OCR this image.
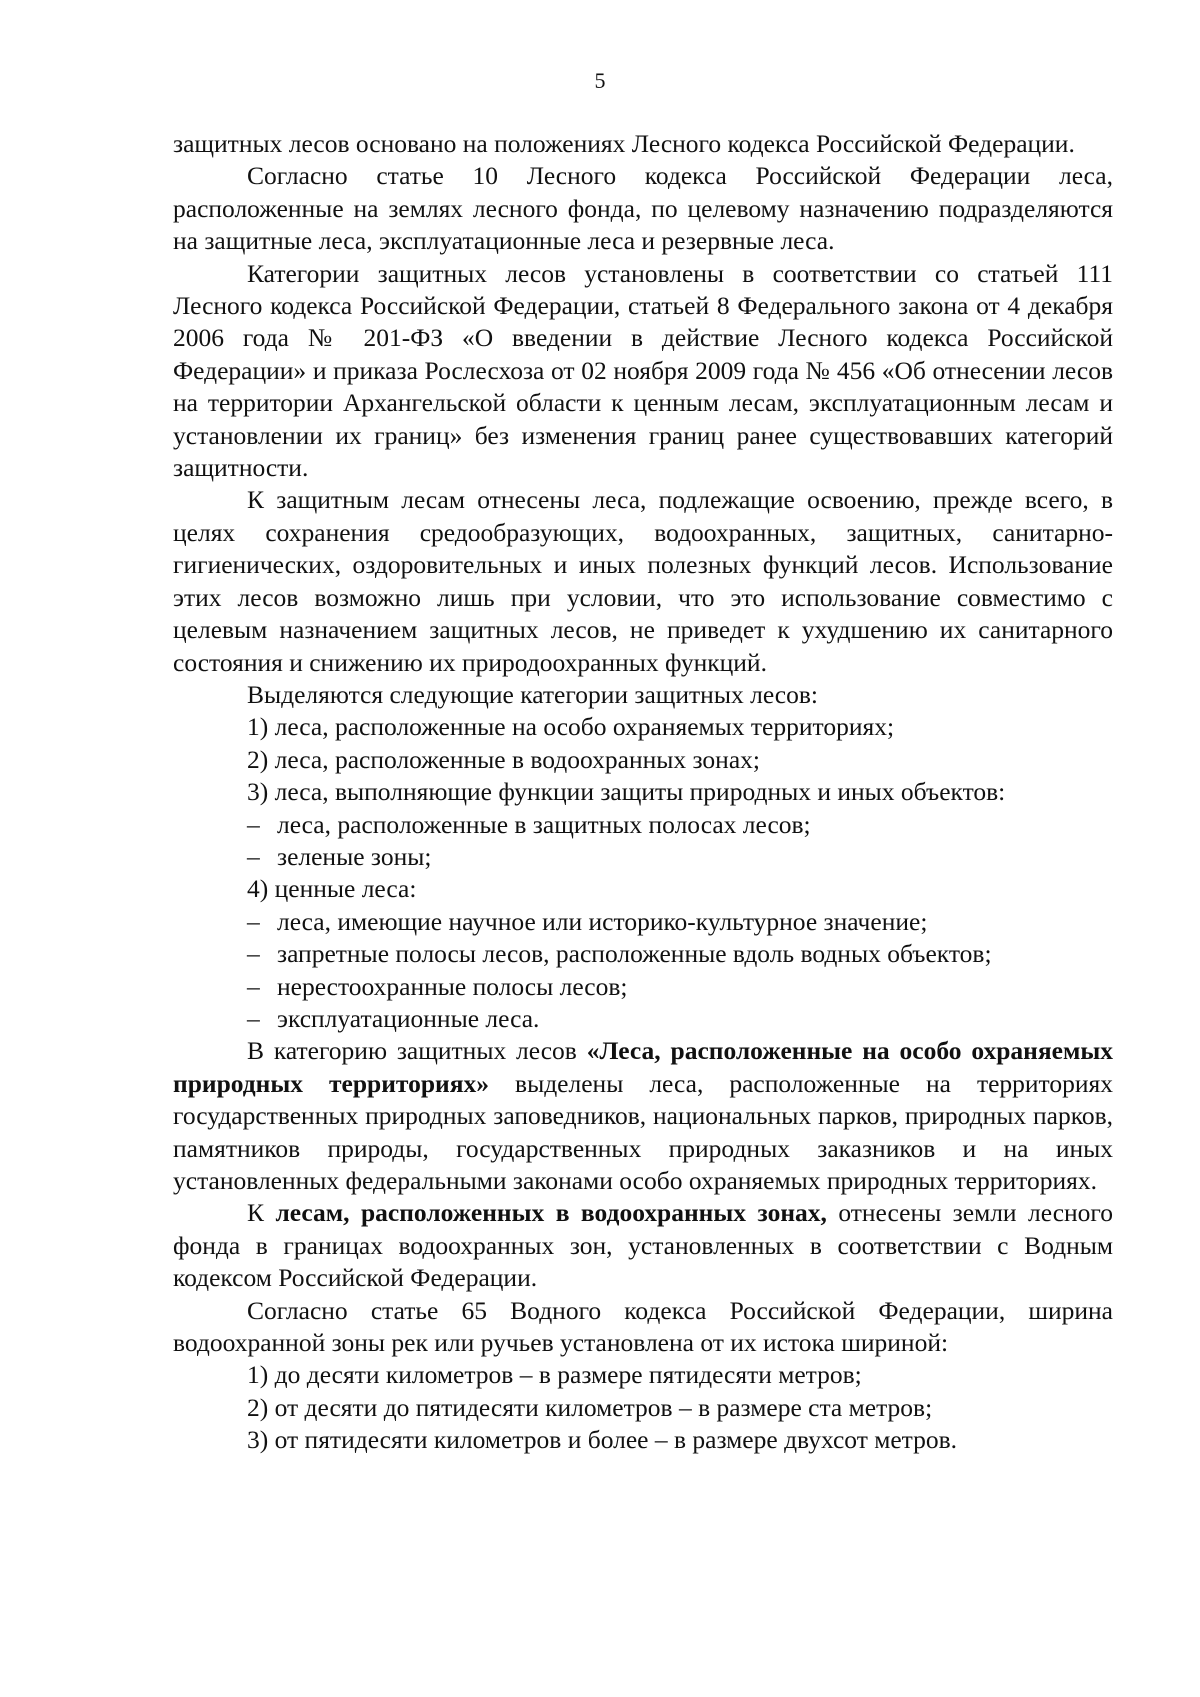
5

защитных лесов основано на положениях Лесного кодекса Российской Федерации.

Согласно статье 10 Лесного кодекса Российской Федерации леса, расположенные на землях лесного фонда, по целевому назначению подразделяются на защитные леса, эксплуатационные леса и резервные леса.

Категории защитных лесов установлены в соответствии со статьей 111 Лесного кодекса Российской Федерации, статьей 8 Федерального закона от 4 декабря 2006 года № 201-ФЗ «О введении в действие Лесного кодекса Российской Федерации» и приказа Рослесхоза от 02 ноября 2009 года № 456 «Об отнесении лесов на территории Архангельской области к ценным лесам, эксплуатационным лесам и установлении их границ» без изменения границ ранее существовавших категорий защитности.

К защитным лесам отнесены леса, подлежащие освоению, прежде всего, в целях сохранения средообразующих, водоохранных, защитных, санитарно-гигиенических, оздоровительных и иных полезных функций лесов. Использование этих лесов возможно лишь при условии, что это использование совместимо с целевым назначением защитных лесов, не приведет к ухудшению их санитарного состояния и снижению их природоохранных функций.

Выделяются следующие категории защитных лесов:

1) леса, расположенные на особо охраняемых территориях;

2) леса, расположенные в водоохранных зонах;

3) леса, выполняющие функции защиты природных и иных объектов:

– леса, расположенные в защитных полосах лесов;

– зеленые зоны;

4) ценные леса:

– леса, имеющие научное или историко-культурное значение;

– запретные полосы лесов, расположенные вдоль водных объектов;

– нерестоохранные полосы лесов;

– эксплуатационные леса.

В категорию защитных лесов «Леса, расположенные на особо охраняемых природных территориях» выделены леса, расположенные на территориях государственных природных заповедников, национальных парков, природных парков, памятников природы, государственных природных заказников и на иных установленных федеральными законами особо охраняемых природных территориях.

К лесам, расположенных в водоохранных зонах, отнесены земли лесного фонда в границах водоохранных зон, установленных в соответствии с Водным кодексом Российской Федерации.

Согласно статье 65 Водного кодекса Российской Федерации, ширина водоохранной зоны рек или ручьев установлена от их истока шириной:

1) до десяти километров – в размере пятидесяти метров;

2) от десяти до пятидесяти километров – в размере ста метров;

3) от пятидесяти километров и более – в размере двухсот метров.
